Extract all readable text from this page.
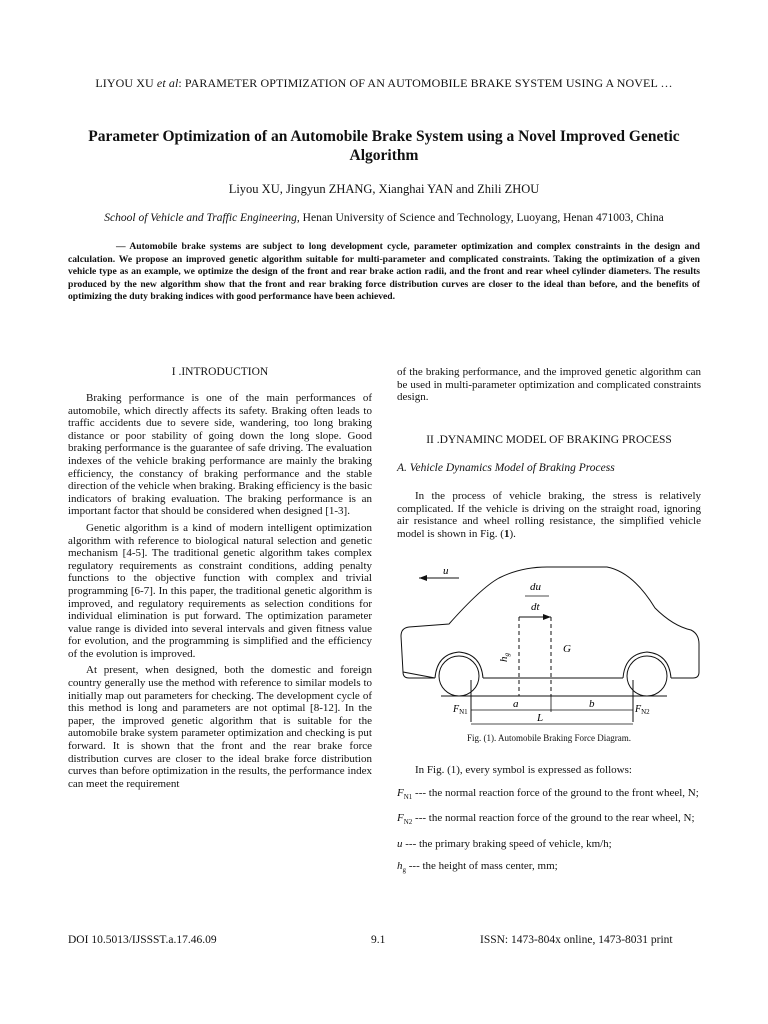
LIYOU XU et al: PARAMETER OPTIMIZATION OF AN AUTOMOBILE BRAKE SYSTEM USING A NOVEL …
Parameter Optimization of an Automobile Brake System using a Novel Improved Genetic Algorithm
Liyou XU, Jingyun ZHANG, Xianghai YAN and Zhili ZHOU
School of Vehicle and Traffic Engineering, Henan University of Science and Technology, Luoyang, Henan 471003, China
— Automobile brake systems are subject to long development cycle, parameter optimization and complex constraints in the design and calculation. We propose an improved genetic algorithm suitable for multi-parameter and complicated constraints. Taking the optimization of a given vehicle type as an example, we optimize the design of the front and rear brake action radii, and the front and rear wheel cylinder diameters. The results produced by the new algorithm show that the front and rear braking force distribution curves are closer to the ideal than before, and the benefits of optimizing the duty braking indices with good performance have been achieved.
I .INTRODUCTION

Braking performance is one of the main performances of automobile, which directly affects its safety. Braking often leads to traffic accidents due to severe side, wandering, too long braking distance or poor stability of going down the long slope. Good braking performance is the guarantee of safe driving. The evaluation indexes of the vehicle braking performance are mainly the braking efficiency, the constancy of braking performance and the stable direction of the vehicle when braking. Braking efficiency is the basic indicators of braking evaluation. The braking performance is an important factor that should be considered when designed [1-3].

Genetic algorithm is a kind of modern intelligent optimization algorithm with reference to biological natural selection and genetic mechanism [4-5]. The traditional genetic algorithm takes complex regulatory requirements as constraint conditions, adding penalty functions to the objective function with complex and trivial programming [6-7]. In this paper, the traditional genetic algorithm is improved, and regulatory requirements as selection conditions for individual elimination is put forward. The optimization parameter value range is divided into several intervals and given fitness value for evolution, and the programming is simplified and the efficiency of the evolution is improved.

At present, when designed, both the domestic and foreign country generally use the method with reference to similar models to initially map out parameters for checking. The development cycle of this method is long and parameters are not optimal [8-12]. In the paper, the improved genetic algorithm that is suitable for the automobile brake system parameter optimization and checking is put forward. It is shown that the front and the rear brake force distribution curves are closer to the ideal brake force distribution curves than before optimization in the results, the performance index can meet the requirement

of the braking performance, and the improved genetic algorithm can be used in multi-parameter optimization and complicated constraints design.

II .DYNAMINC MODEL OF BRAKING PROCESS
A. Vehicle Dynamics Model of Braking Process

In the process of vehicle braking, the stress is relatively complicated. If the vehicle is driving on the straight road, ignoring air resistance and wheel rolling resistance, the simplified vehicle model is shown in Fig. (1).

u
du
dt
hg	G
a	b
L
$F_{N1}$	$F_{N2}$
Fig. (1). Automobile Braking Force Diagram.

In Fig. (1), every symbol is expressed as follows:

$F_{N1}$ --- the normal reaction force of the ground to the front wheel, N;

$F_{N2}$ --- the normal reaction force of the ground to the rear wheel, N;

u --- the primary braking speed of vehicle, km/h;

$h_g$ --- the height of mass center, mm;

DOI 10.5013/IJSSST.a.17.46.09	9.1	ISSN: 1473-804x online, 1473-8031 print
